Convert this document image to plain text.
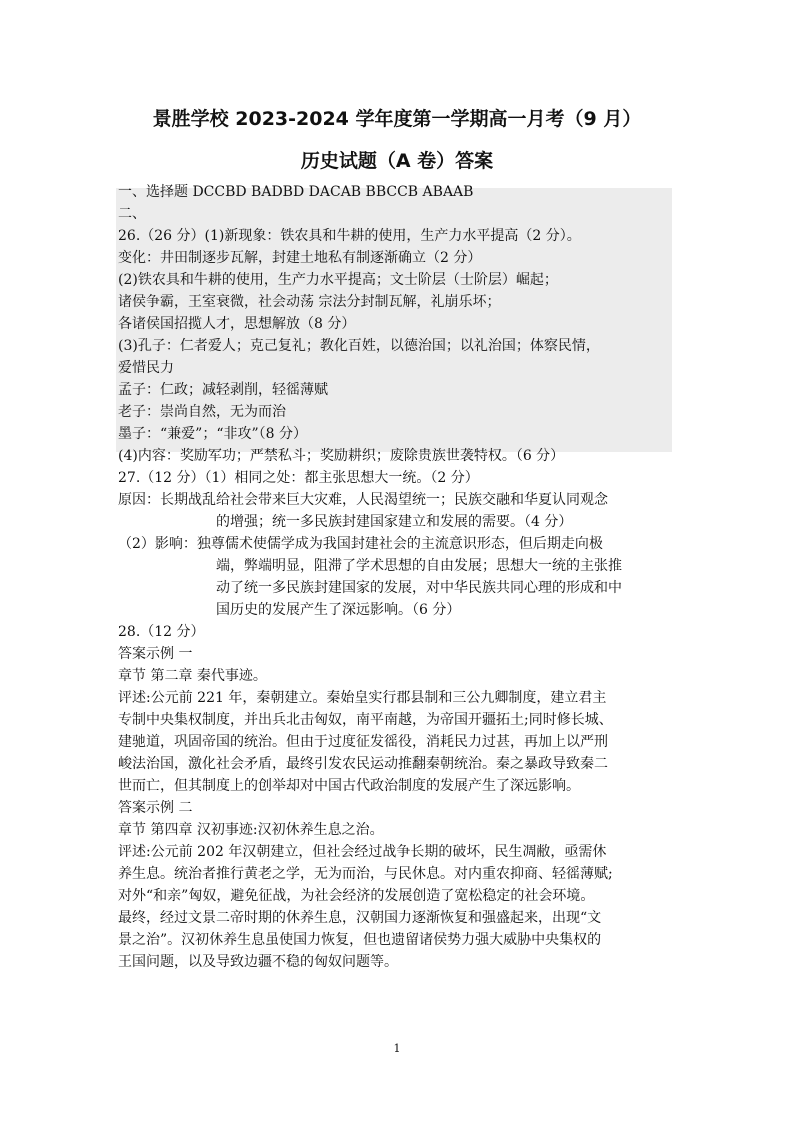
景胜学校 2023-2024 学年度第一学期高一月考（9 月）
历史试题（A 卷）答案
一、选择题 DCCBD BADBD DACAB BBCCB ABAAB
二、
26.（26 分）(1)新现象：铁农具和牛耕的使用，生产力水平提高（2 分）。
变化：井田制逐步瓦解，封建土地私有制逐渐确立（2 分）
(2)铁农具和牛耕的使用，生产力水平提高；文士阶层（士阶层）崛起；
诸侯争霸，王室衰微，社会动荡 宗法分封制瓦解，礼崩乐坏；
各诸侯国招揽人才，思想解放（8 分）
(3)孔子：仁者爱人；克己复礼；教化百姓，以德治国；以礼治国；体察民情，
爱惜民力
孟子：仁政；减轻剥削，轻徭薄赋
老子：崇尚自然，无为而治
墨子：“兼爱”；“非攻”（8 分）
(4)内容：奖励军功；严禁私斗；奖励耕织；废除贵族世袭特权。（6 分）
27.（12 分）（1）相同之处：都主张思想大一统。（2 分）
原因：长期战乱给社会带来巨大灾难，人民渴望统一；民族交融和华夏认同观念
的增强；统一多民族封建国家建立和发展的需要。（4 分）
（2）影响：独尊儒术使儒学成为我国封建社会的主流意识形态，但后期走向极
端，弊端明显，阻滞了学术思想的自由发展；思想大一统的主张推
动了统一多民族封建国家的发展，对中华民族共同心理的形成和中
国历史的发展产生了深远影响。（6 分）
28.（12 分）
答案示例 一
章节 第二章 秦代事迹。
评述:公元前 221 年，秦朝建立。秦始皇实行郡县制和三公九卿制度，建立君主
专制中央集权制度，并出兵北击匈奴，南平南越，为帝国开疆拓土;同时修长城、
建驰道，巩固帝国的统治。但由于过度征发徭役，消耗民力过甚，再加上以严刑
峻法治国，激化社会矛盾，最终引发农民运动推翻秦朝统治。秦之暴政导致秦二
世而亡，但其制度上的创举却对中国古代政治制度的发展产生了深远影响。
答案示例 二
章节 第四章 汉初事迹:汉初休养生息之治。
评述:公元前 202 年汉朝建立，但社会经过战争长期的破坏，民生凋敝，亟需休
养生息。统治者推行黄老之学，无为而治，与民休息。对内重农抑商、轻徭薄赋;
对外“和亲”匈奴，避免征战，为社会经济的发展创造了宽松稳定的社会环境。
最终，经过文景二帝时期的休养生息，汉朝国力逐渐恢复和强盛起来，出现“文
景之治”。汉初休养生息虽使国力恢复，但也遗留诸侯势力强大威胁中央集权的
王国问题，以及导致边疆不稳的匈奴问题等。
1
